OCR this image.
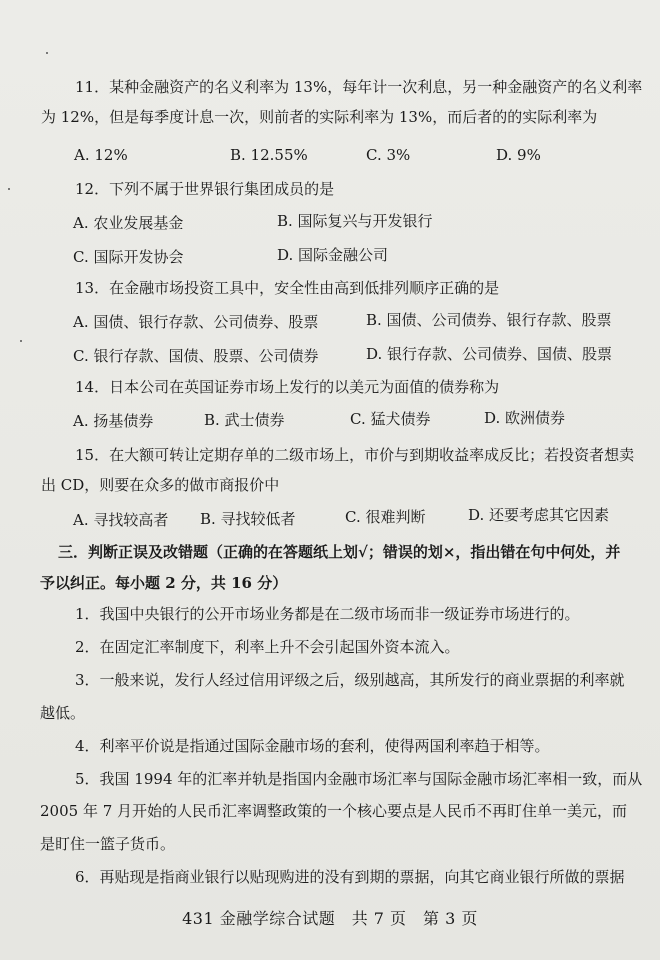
11．某种金融资产的名义利率为 13%，每年计一次利息，另一种金融资产的名义利率
为 12%，但是每季度计息一次，则前者的实际利率为 13%，而后者的的实际利率为
A. 12%	B. 12.55%	C. 3%	D. 9%
12．下列不属于世界银行集团成员的是
A. 农业发展基金	B. 国际复兴与开发银行
C. 国际开发协会	D. 国际金融公司
13．在金融市场投资工具中，安全性由高到低排列顺序正确的是
A. 国债、银行存款、公司债券、股票	B. 国债、公司债券、银行存款、股票
C. 银行存款、国债、股票、公司债券	D. 银行存款、公司债券、国债、股票
14．日本公司在英国证券市场上发行的以美元为面值的债券称为
A. 扬基债券	B. 武士债券	C. 猛犬债券	D. 欧洲债券
15．在大额可转让定期存单的二级市场上，市价与到期收益率成反比；若投资者想卖
出 CD，则要在众多的做市商报价中
A. 寻找较高者 B. 寻找较低者	C. 很难判断	D. 还要考虑其它因素
三．判断正误及改错题（正确的在答题纸上划√；错误的划×，指出错在句中何处，并
予以纠正。每小题 2 分，共 16 分）
1．我国中央银行的公开市场业务都是在二级市场而非一级证券市场进行的。
2．在固定汇率制度下，利率上升不会引起国外资本流入。
3．一般来说，发行人经过信用评级之后，级别越高，其所发行的商业票据的利率就
越低。
4．利率平价说是指通过国际金融市场的套利，使得两国利率趋于相等。
5．我国 1994 年的汇率并轨是指国内金融市场汇率与国际金融市场汇率相一致，而从
2005 年 7 月开始的人民币汇率调整政策的一个核心要点是人民币不再盯住单一美元，而
是盯住一篮子货币。
6．再贴现是指商业银行以贴现购进的没有到期的票据，向其它商业银行所做的票据
431 金融学综合试题　共 7 页　第 3 页
